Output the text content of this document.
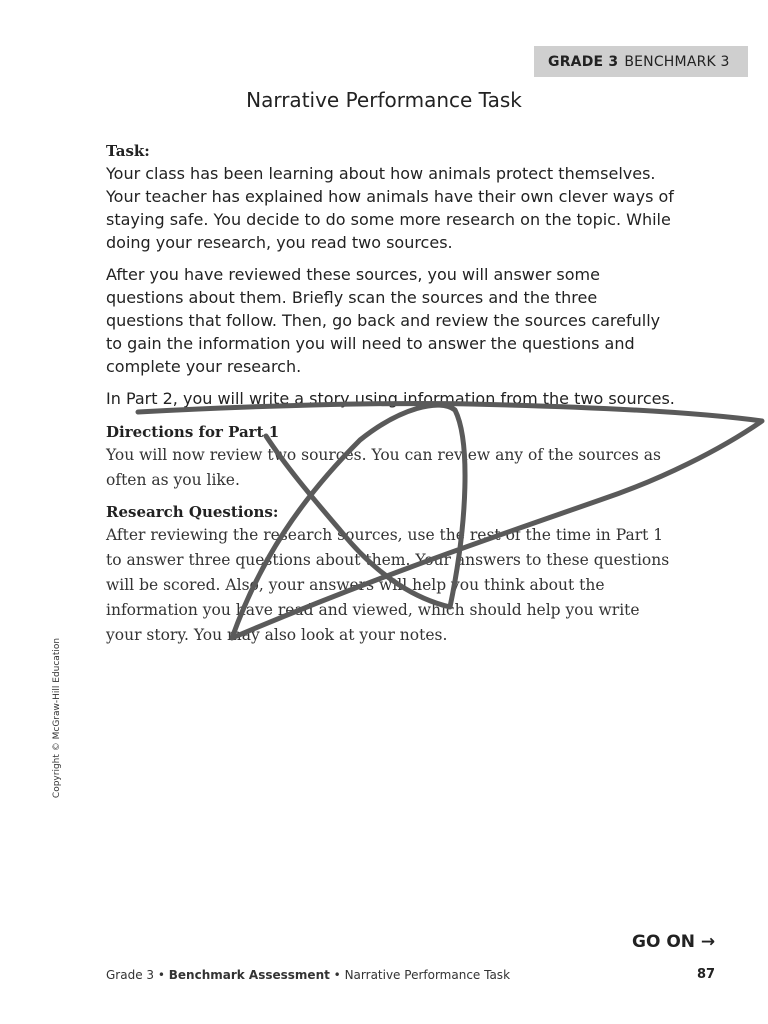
GRADE 3 BENCHMARK 3
Narrative Performance Task
Task:

Your class has been learning about how animals protect themselves. Your teacher has explained how animals have their own clever ways of staying safe. You decide to do some more research on the topic. While doing your research, you read two sources.

After you have reviewed these sources, you will answer some questions about them. Briefly scan the sources and the three questions that follow. Then, go back and review the sources carefully to gain the information you will need to answer the questions and complete your research.

In Part 2, you will write a story using information from the two sources.

Directions for Part 1

You will now review two sources. You can review any of the sources as often as you like.

Research Questions:

After reviewing the research sources, use the rest of the time in Part 1 to answer three questions about them. Your answers to these questions will be scored. Also, your answers will help you think about the information you have read and viewed, which should help you write your story. You may also look at your notes.

Copyright © McGraw-Hill Education
GO ON →
Grade 3 • Benchmark Assessment • Narrative Performance Task	87
